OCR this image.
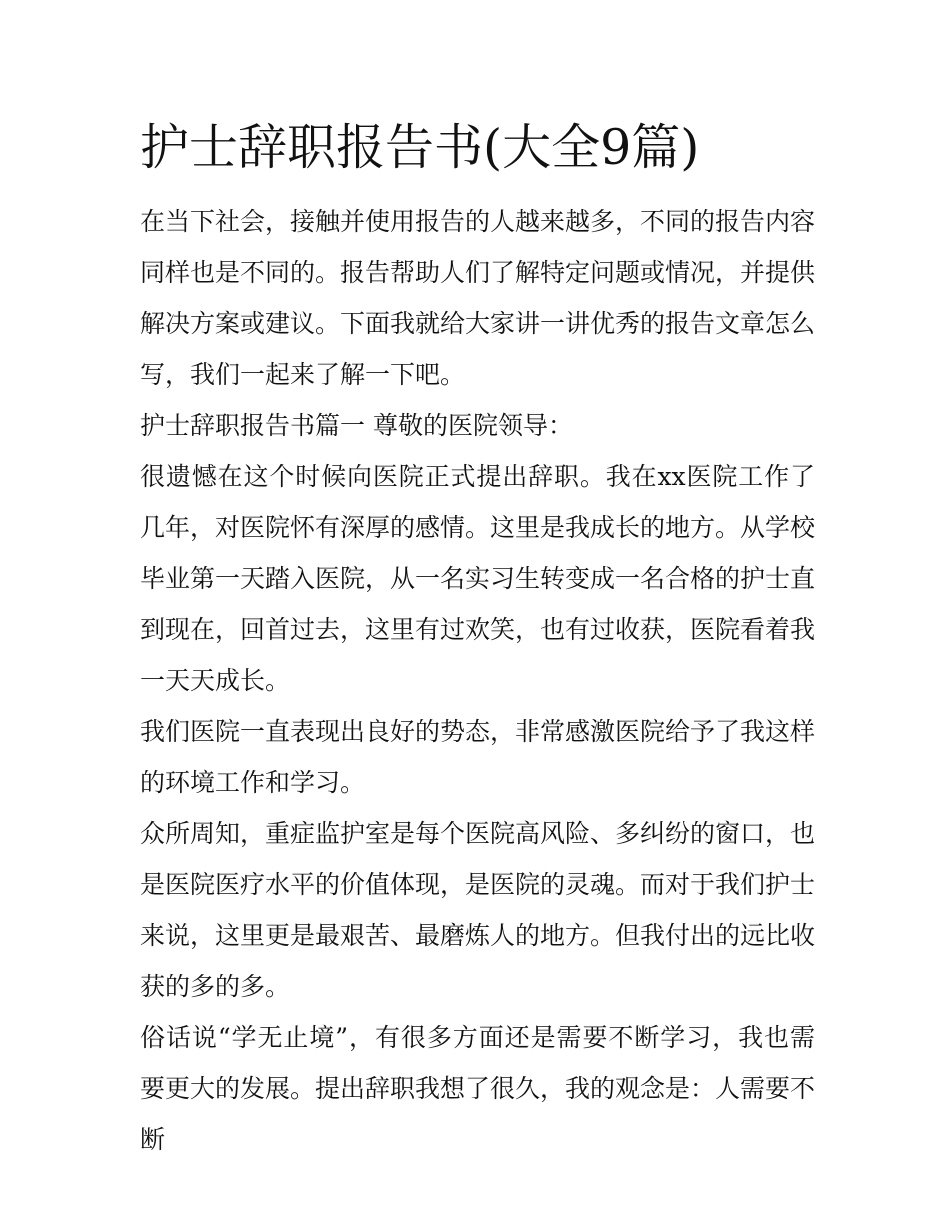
护士辞职报告书(大全9篇)

在当下社会，接触并使用报告的人越来越多，不同的报告内容同样也是不同的。报告帮助人们了解特定问题或情况，并提供解决方案或建议。下面我就给大家讲一讲优秀的报告文章怎么写，我们一起来了解一下吧。

护士辞职报告书篇一 尊敬的医院领导：

很遗憾在这个时候向医院正式提出辞职。我在xx医院工作了几年，对医院怀有深厚的感情。这里是我成长的地方。从学校毕业第一天踏入医院，从一名实习生转变成一名合格的护士直到现在，回首过去，这里有过欢笑，也有过收获，医院看着我一天天成长。

我们医院一直表现出良好的势态，非常感激医院给予了我这样的环境工作和学习。

众所周知，重症监护室是每个医院高风险、多纠纷的窗口，也是医院医疗水平的价值体现，是医院的灵魂。而对于我们护士来说，这里更是最艰苦、最磨炼人的地方。但我付出的远比收获的多的多。

俗话说“学无止境”，有很多方面还是需要不断学习，我也需要更大的发展。提出辞职我想了很久，我的观念是：人需要不断
